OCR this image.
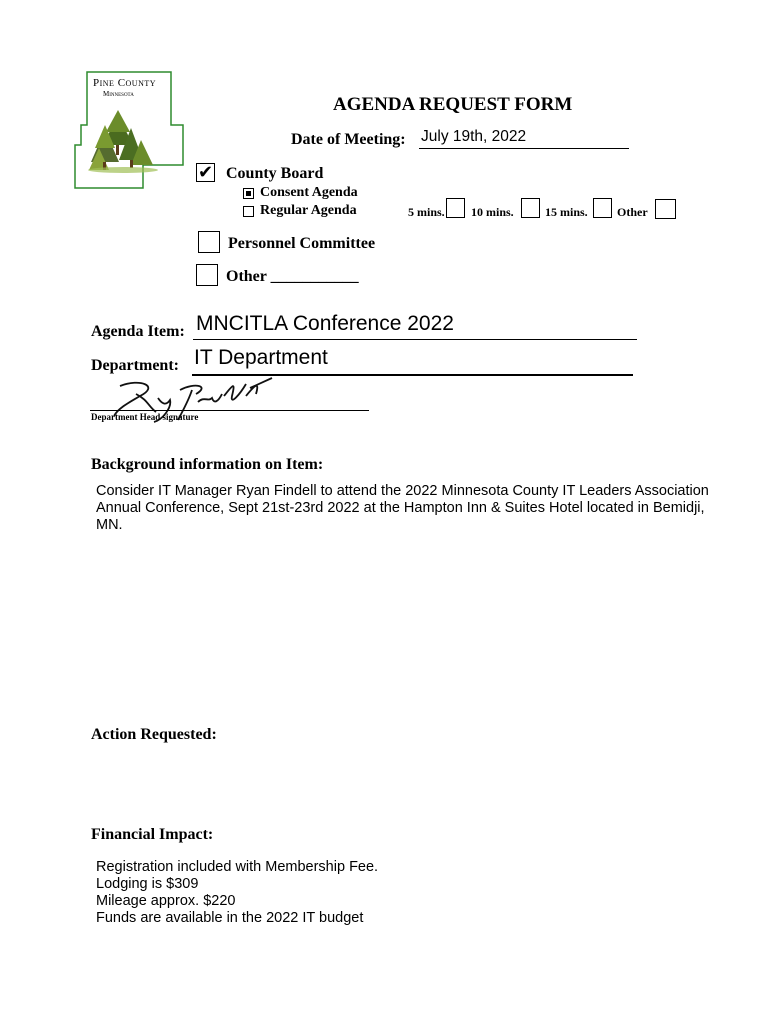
Pine County
Minnesota	AGENDA REQUEST FORM
Date of Meeting: July 19th, 2022
✔ County Board
Consent Agenda
Regular Agenda	5 mins. 10 mins.	15 mins. Other
Personnel Committee
Other ___________
Agenda Item: MNCITLA Conference 2022
Department: IT Department
Department Head signature
Background information on Item:
Consider IT Manager Ryan Findell to attend the 2022 Minnesota County IT Leaders Association
Annual Conference, Sept 21st-23rd 2022 at the Hampton Inn & Suites Hotel located in Bemidji,
MN.
Action Requested:
Financial Impact:
Registration included with Membership Fee.
Lodging is $309
Mileage approx. $220
Funds are available in the 2022 IT budget
